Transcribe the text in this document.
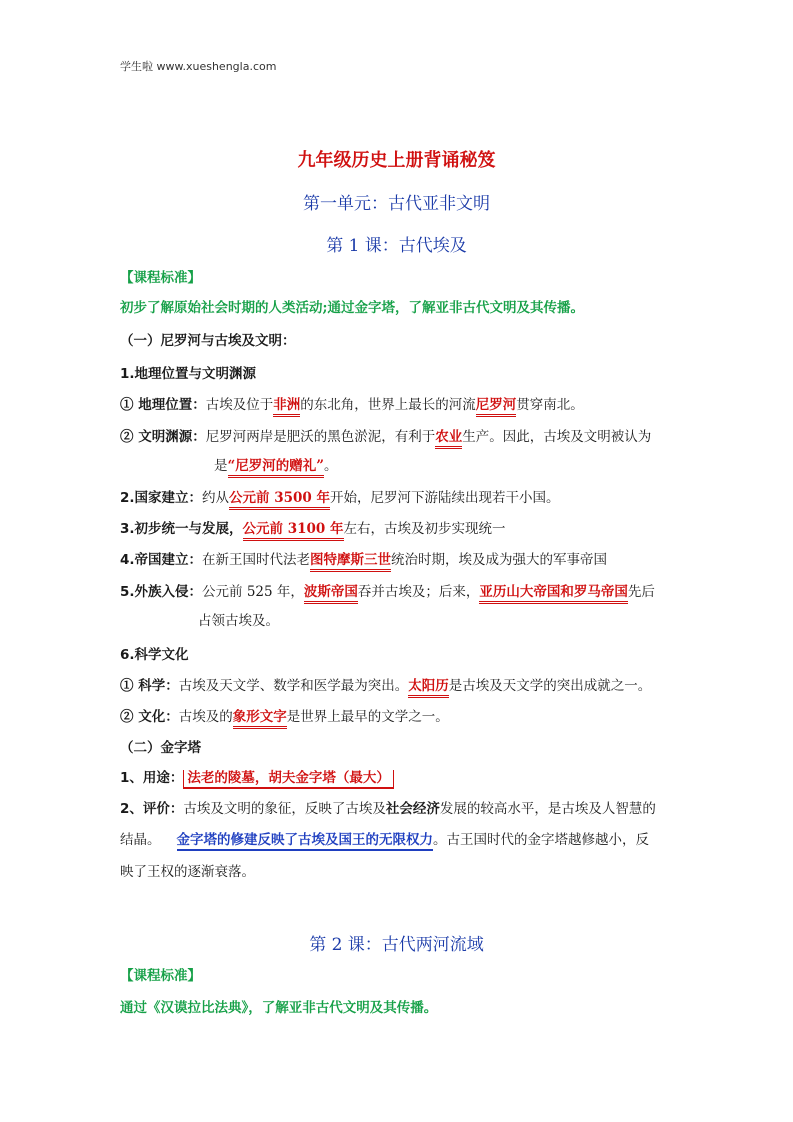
学生啦 www.xueshengla.com
九年级历史上册背诵秘笈
第一单元：古代亚非文明
第 1 课：古代埃及
【课程标准】
初步了解原始社会时期的人类活动;通过金字塔，了解亚非古代文明及其传播。
（一）尼罗河与古埃及文明：
1.地理位置与文明渊源
① 地理位置：古埃及位于非洲的东北角，世界上最长的河流尼罗河贯穿南北。
② 文明渊源：尼罗河两岸是肥沃的黑色淤泥，有利于农业生产。因此，古埃及文明被认为
是“尼罗河的赠礼”。
2.国家建立：约从公元前 3500 年开始，尼罗河下游陆续出现若干小国。
3.初步统一与发展，公元前 3100 年左右，古埃及初步实现统一
4.帝国建立：在新王国时代法老图特摩斯三世统治时期，埃及成为强大的军事帝国
5.外族入侵：公元前 525 年，波斯帝国吞并古埃及；后来，亚历山大帝国和罗马帝国先后
占领古埃及。
6.科学文化
① 科学：古埃及天文学、数学和医学最为突出。太阳历是古埃及天文学的突出成就之一。
② 文化：古埃及的象形文字是世界上最早的文学之一。
（二）金字塔
1、用途： 法老的陵墓，胡夫金字塔（最大）
2、评价：古埃及文明的象征，反映了古埃及社会经济发展的较高水平，是古埃及人智慧的
结晶。 金字塔的修建反映了古埃及国王的无限权力。古王国时代的金字塔越修越小，反
映了王权的逐渐衰落。
第 2 课：古代两河流域
【课程标准】
通过《汉谟拉比法典》，了解亚非古代文明及其传播。
